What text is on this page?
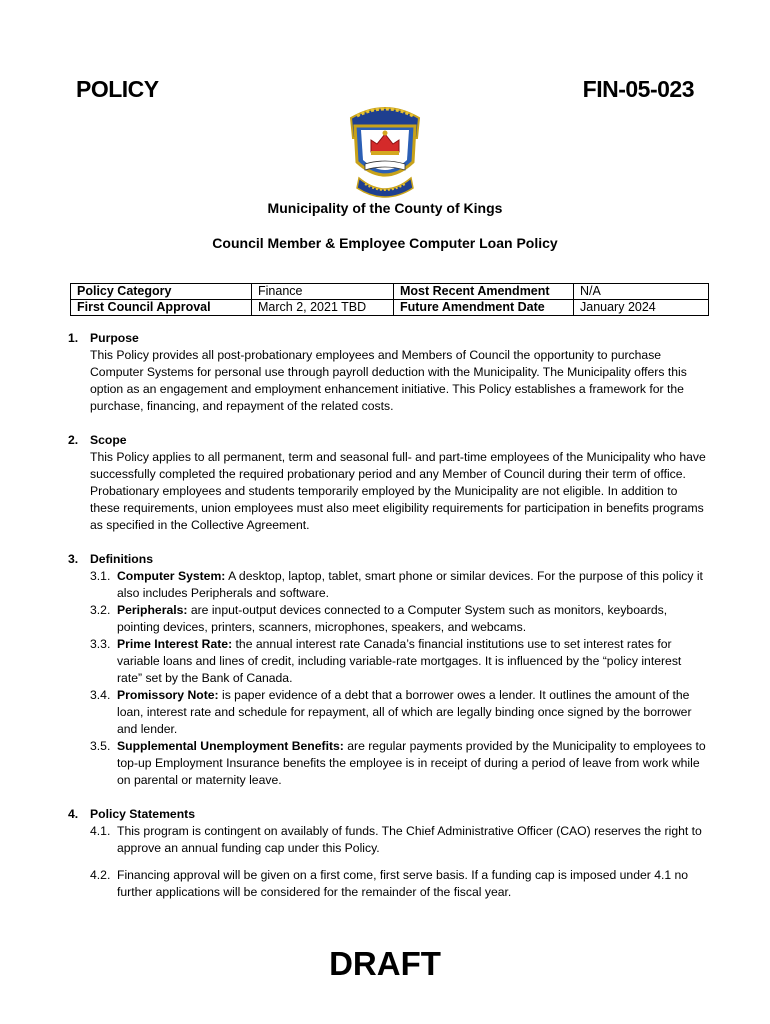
POLICY	FIN-05-023
Municipality of the County of Kings
Council Member & Employee Computer Loan Policy
Policy Category	Finance	Most Recent Amendment	N/A
First Council Approval	March 2, 2021 TBD	Future Amendment Date	January 2024
1. Purpose
This Policy provides all post-probationary employees and Members of Council the opportunity to purchase Computer Systems for personal use through payroll deduction with the Municipality. The Municipality offers this option as an engagement and employment enhancement initiative. This Policy establishes a framework for the purchase, financing, and repayment of the related costs.
2. Scope
This Policy applies to all permanent, term and seasonal full- and part-time employees of the Municipality who have successfully completed the required probationary period and any Member of Council during their term of office. Probationary employees and students temporarily employed by the Municipality are not eligible. In addition to these requirements, union employees must also meet eligibility requirements for participation in benefits programs as specified in the Collective Agreement.
3. Definitions
3.1. Computer System: A desktop, laptop, tablet, smart phone or similar devices. For the purpose of this policy it also includes Peripherals and software.
3.2. Peripherals: are input-output devices connected to a Computer System such as monitors, keyboards, pointing devices, printers, scanners, microphones, speakers, and webcams.
3.3. Prime Interest Rate: the annual interest rate Canada’s financial institutions use to set interest rates for variable loans and lines of credit, including variable-rate mortgages. It is influenced by the “policy interest rate” set by the Bank of Canada.
3.4. Promissory Note: is paper evidence of a debt that a borrower owes a lender. It outlines the amount of the loan, interest rate and schedule for repayment, all of which are legally binding once signed by the borrower and lender.
3.5. Supplemental Unemployment Benefits: are regular payments provided by the Municipality to employees to top-up Employment Insurance benefits the employee is in receipt of during a period of leave from work while on parental or maternity leave.
4. Policy Statements
4.1. This program is contingent on availably of funds. The Chief Administrative Officer (CAO) reserves the right to approve an annual funding cap under this Policy.
4.2. Financing approval will be given on a first come, first serve basis. If a funding cap is imposed under 4.1 no further applications will be considered for the remainder of the fiscal year.
DRAFT
